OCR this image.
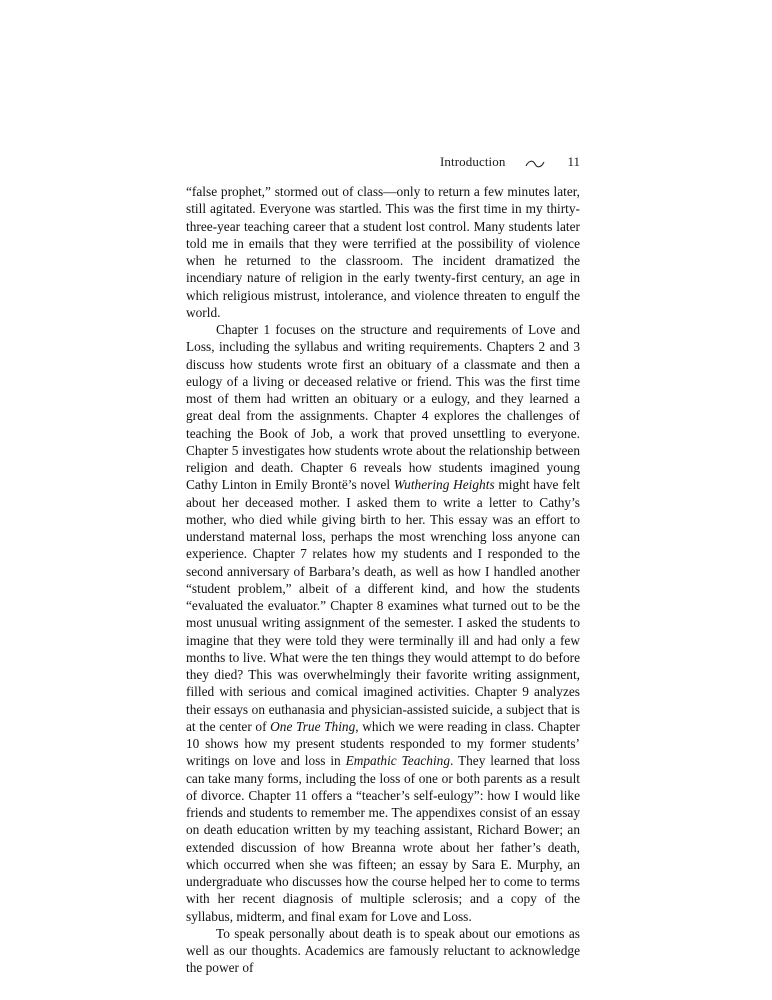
Introduction	11

“false prophet,” stormed out of class—only to return a few minutes later, still agitated. Everyone was startled. This was the first time in my thirty-three-year teaching career that a student lost control. Many students later told me in emails that they were terrified at the possibility of violence when he returned to the classroom. The incident dramatized the incendiary nature of religion in the early twenty-first century, an age in which religious mistrust, intolerance, and violence threaten to engulf the world.

Chapter 1 focuses on the structure and requirements of Love and Loss, including the syllabus and writing requirements. Chapters 2 and 3 discuss how students wrote first an obituary of a classmate and then a eulogy of a living or deceased relative or friend. This was the first time most of them had written an obituary or a eulogy, and they learned a great deal from the assignments. Chapter 4 explores the challenges of teaching the Book of Job, a work that proved unsettling to everyone. Chapter 5 investigates how students wrote about the relationship between religion and death. Chapter 6 reveals how students imagined young Cathy Linton in Emily Brontë’s novel Wuthering Heights might have felt about her deceased mother. I asked them to write a letter to Cathy’s mother, who died while giving birth to her. This essay was an effort to understand maternal loss, perhaps the most wrenching loss anyone can experience. Chapter 7 relates how my students and I responded to the second anniversary of Barbara’s death, as well as how I handled another “student problem,” albeit of a different kind, and how the students “evaluated the evaluator.” Chapter 8 examines what turned out to be the most unusual writing assignment of the semester. I asked the students to imagine that they were told they were terminally ill and had only a few months to live. What were the ten things they would attempt to do before they died? This was overwhelmingly their favorite writing assignment, filled with serious and comical imagined activities. Chapter 9 analyzes their essays on euthanasia and physician-assisted suicide, a subject that is at the center of One True Thing, which we were reading in class. Chapter 10 shows how my present students responded to my former students’ writings on love and loss in Empathic Teaching. They learned that loss can take many forms, including the loss of one or both parents as a result of divorce. Chapter 11 offers a “teacher’s self-eulogy”: how I would like friends and students to remember me. The appendixes consist of an essay on death education written by my teaching assistant, Richard Bower; an extended discussion of how Breanna wrote about her father’s death, which occurred when she was fifteen; an essay by Sara E. Murphy, an undergraduate who discusses how the course helped her to come to terms with her recent diagnosis of multiple sclerosis; and a copy of the syllabus, midterm, and final exam for Love and Loss.

To speak personally about death is to speak about our emotions as well as our thoughts. Academics are famously reluctant to acknowledge the power of
